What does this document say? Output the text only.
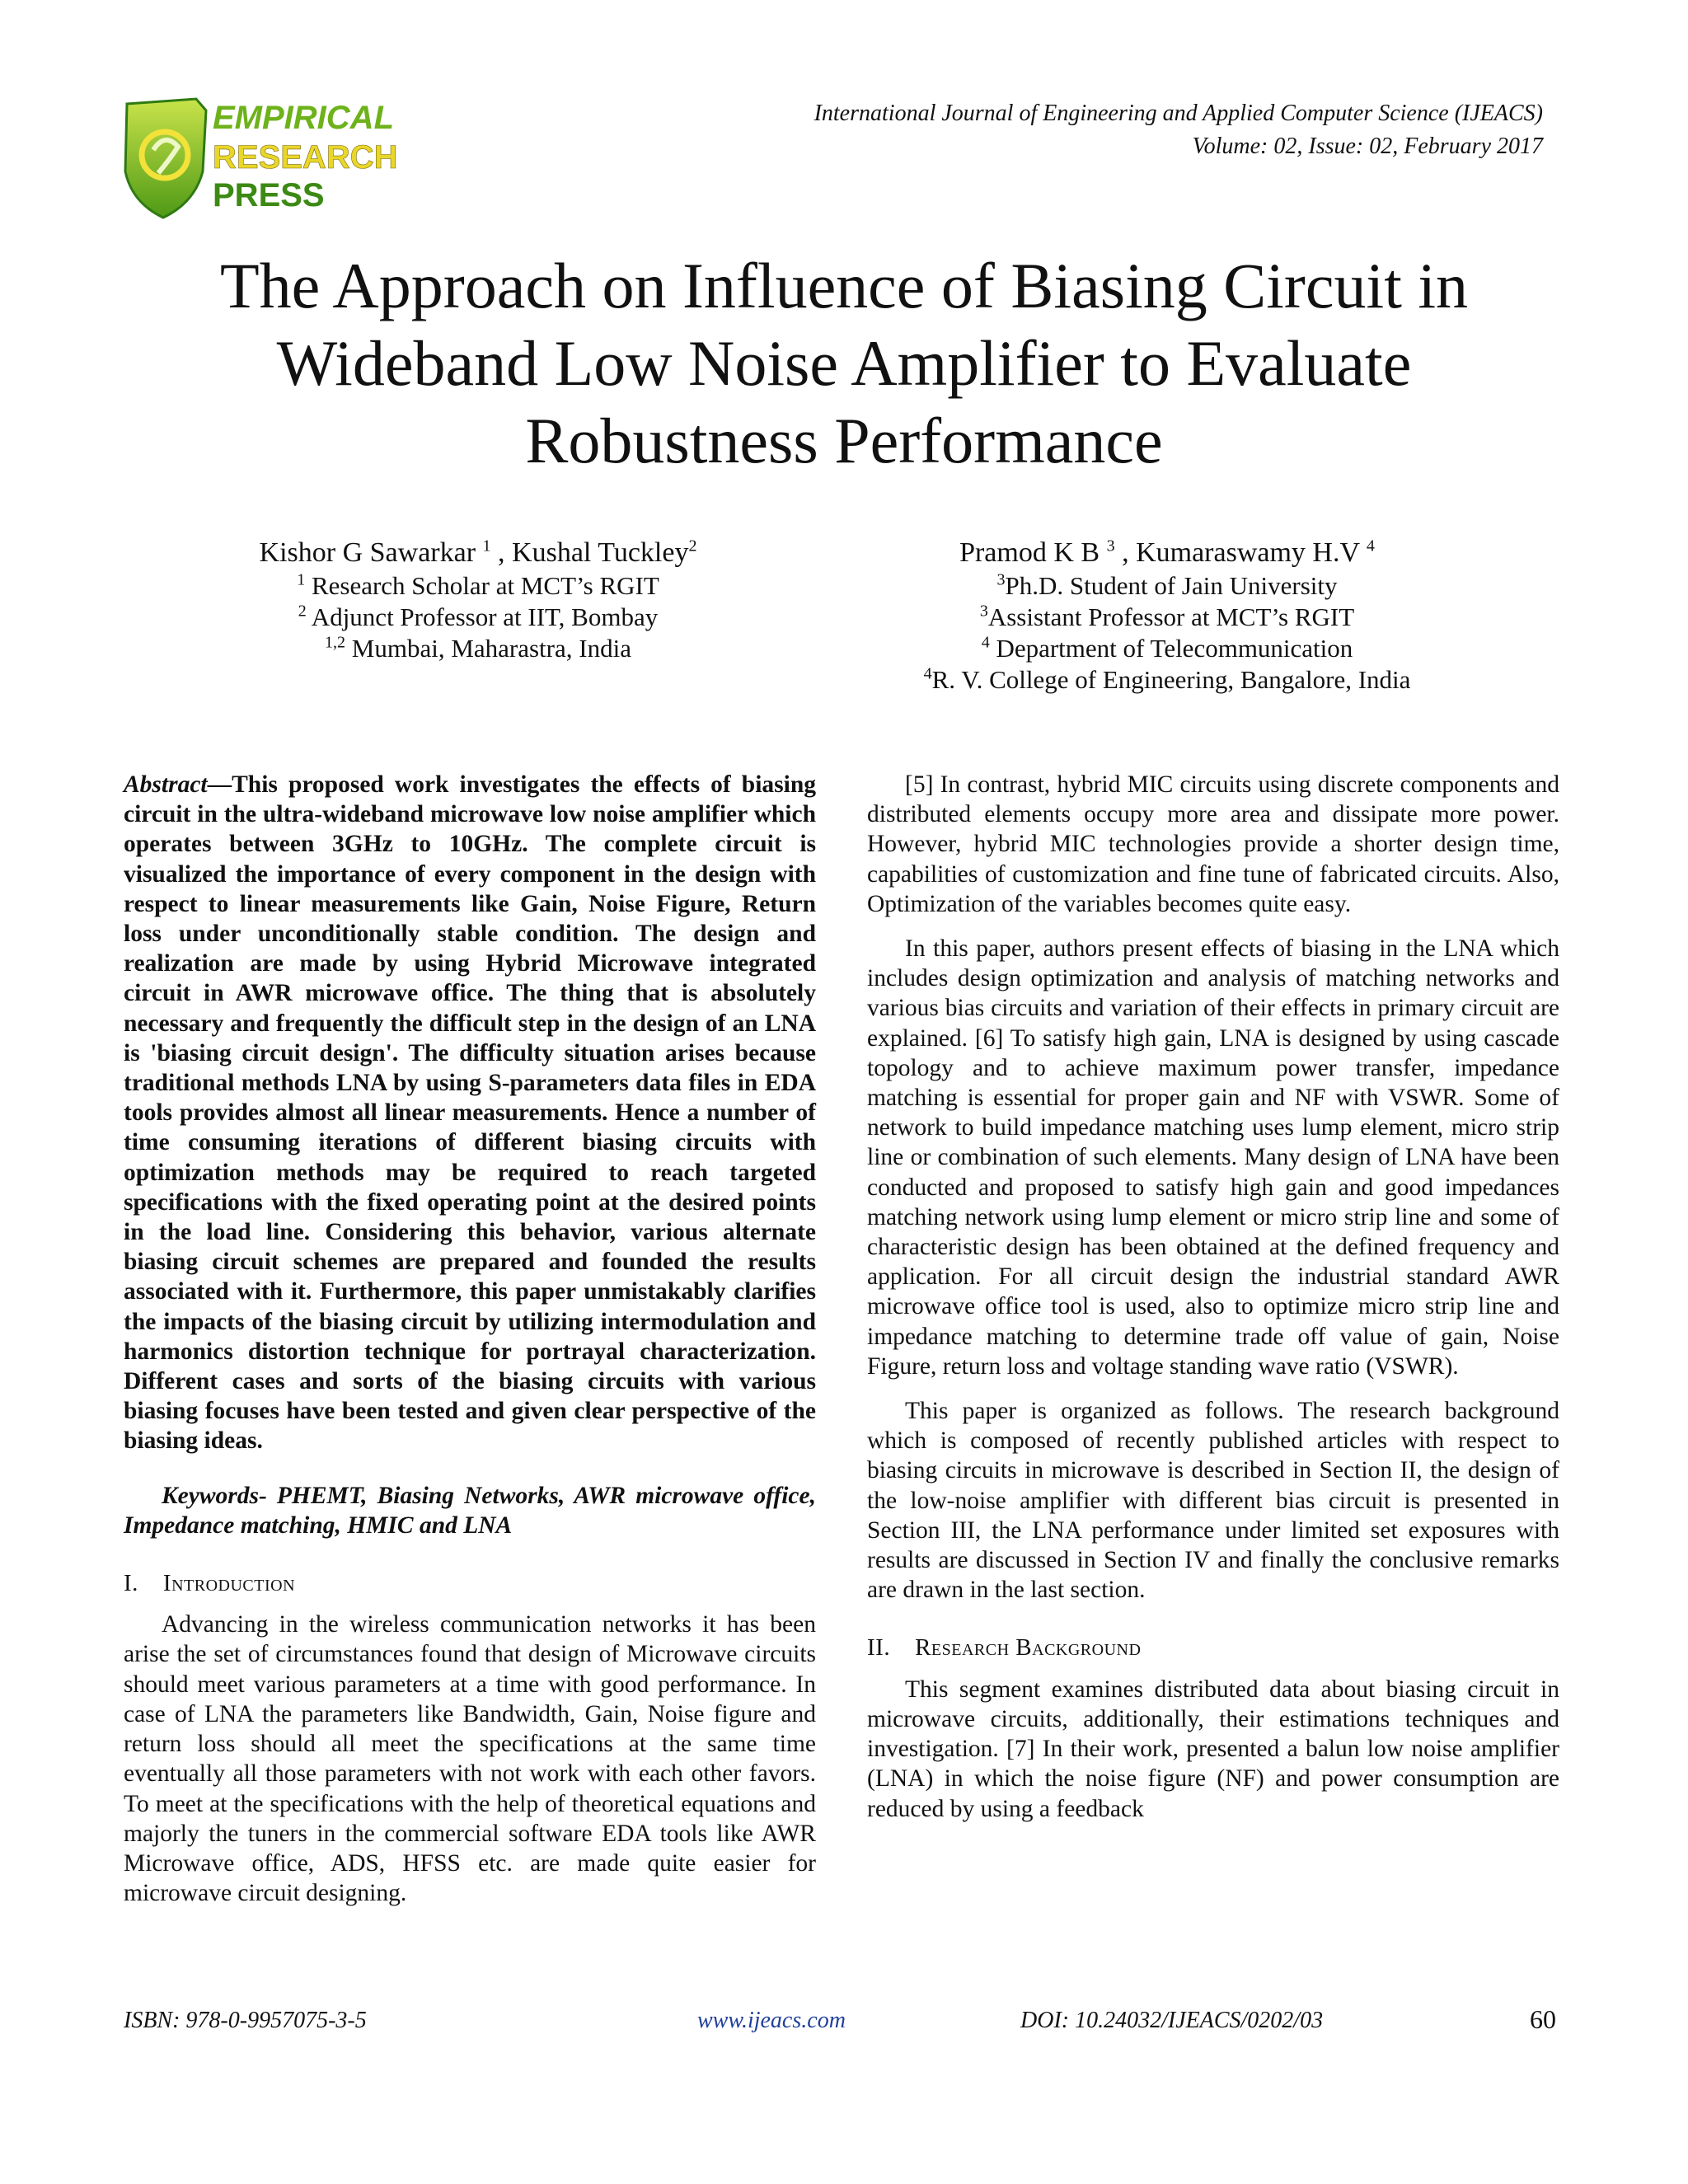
EMPIRICAL
RESEARCH
PRESS
International Journal of Engineering and Applied Computer Science (IJEACS)
Volume: 02, Issue: 02, February 2017
The Approach on Influence of Biasing Circuit in Wideband Low Noise Amplifier to Evaluate Robustness Performance
Kishor G Sawarkar $^1$ , Kushal Tuckley$^2$
$^1$ Research Scholar at MCT’s RGIT
$^2$ Adjunct Professor at IIT, Bombay
$^{1,2}$ Mumbai, Maharastra, India
Pramod K B $^3$ , Kumaraswamy H.V $^4$
$^3$Ph.D. Student of Jain University
$^3$Assistant Professor at MCT’s RGIT
$^4$ Department of Telecommunication
$^4$R. V. College of Engineering, Bangalore, India

Abstract—This proposed work investigates the effects of biasing circuit in the ultra-wideband microwave low noise amplifier which operates between 3GHz to 10GHz. The complete circuit is visualized the importance of every component in the design with respect to linear measurements like Gain, Noise Figure, Return loss under unconditionally stable condition. The design and realization are made by using Hybrid Microwave integrated circuit in AWR microwave office. The thing that is absolutely necessary and frequently the difficult step in the design of an LNA is 'biasing circuit design'. The difficulty situation arises because traditional methods LNA by using S-parameters data files in EDA tools provides almost all linear measurements. Hence a number of time consuming iterations of different biasing circuits with optimization methods may be required to reach targeted specifications with the fixed operating point at the desired points in the load line. Considering this behavior, various alternate biasing circuit schemes are prepared and founded the results associated with it. Furthermore, this paper unmistakably clarifies the impacts of the biasing circuit by utilizing intermodulation and harmonics distortion technique for portrayal characterization. Different cases and sorts of the biasing circuits with various biasing focuses have been tested and given clear perspective of the biasing ideas.

Keywords- PHEMT, Biasing Networks, AWR microwave office, Impedance matching, HMIC and LNA

I. Introduction

Advancing in the wireless communication networks it has been arise the set of circumstances found that design of Microwave circuits should meet various parameters at a time with good performance. In case of LNA the parameters like Bandwidth, Gain, Noise figure and return loss should all meet the specifications at the same time eventually all those parameters with not work with each other favors. To meet at the specifications with the help of theoretical equations and majorly the tuners in the commercial software EDA tools like AWR Microwave office, ADS, HFSS etc. are made quite easier for microwave circuit designing.

[5] In contrast, hybrid MIC circuits using discrete components and distributed elements occupy more area and dissipate more power. However, hybrid MIC technologies provide a shorter design time, capabilities of customization and fine tune of fabricated circuits. Also, Optimization of the variables becomes quite easy.

In this paper, authors present effects of biasing in the LNA which includes design optimization and analysis of matching networks and various bias circuits and variation of their effects in primary circuit are explained. [6] To satisfy high gain, LNA is designed by using cascade topology and to achieve maximum power transfer, impedance matching is essential for proper gain and NF with VSWR. Some of network to build impedance matching uses lump element, micro strip line or combination of such elements. Many design of LNA have been conducted and proposed to satisfy high gain and good impedances matching network using lump element or micro strip line and some of characteristic design has been obtained at the defined frequency and application. For all circuit design the industrial standard AWR microwave office tool is used, also to optimize micro strip line and impedance matching to determine trade off value of gain, Noise Figure, return loss and voltage standing wave ratio (VSWR).

This paper is organized as follows. The research background which is composed of recently published articles with respect to biasing circuits in microwave is described in Section II, the design of the low-noise amplifier with different bias circuit is presented in Section III, the LNA performance under limited set exposures with results are discussed in Section IV and finally the conclusive remarks are drawn in the last section.

II. Research Background

This segment examines distributed data about biasing circuit in microwave circuits, additionally, their estimations techniques and investigation. [7] In their work, presented a balun low noise amplifier (LNA) in which the noise figure (NF) and power consumption are reduced by using a feedback

ISBN: 978-0-9957075-3-5	www.ijeacs.com	DOI: 10.24032/IJEACS/0202/03	60
